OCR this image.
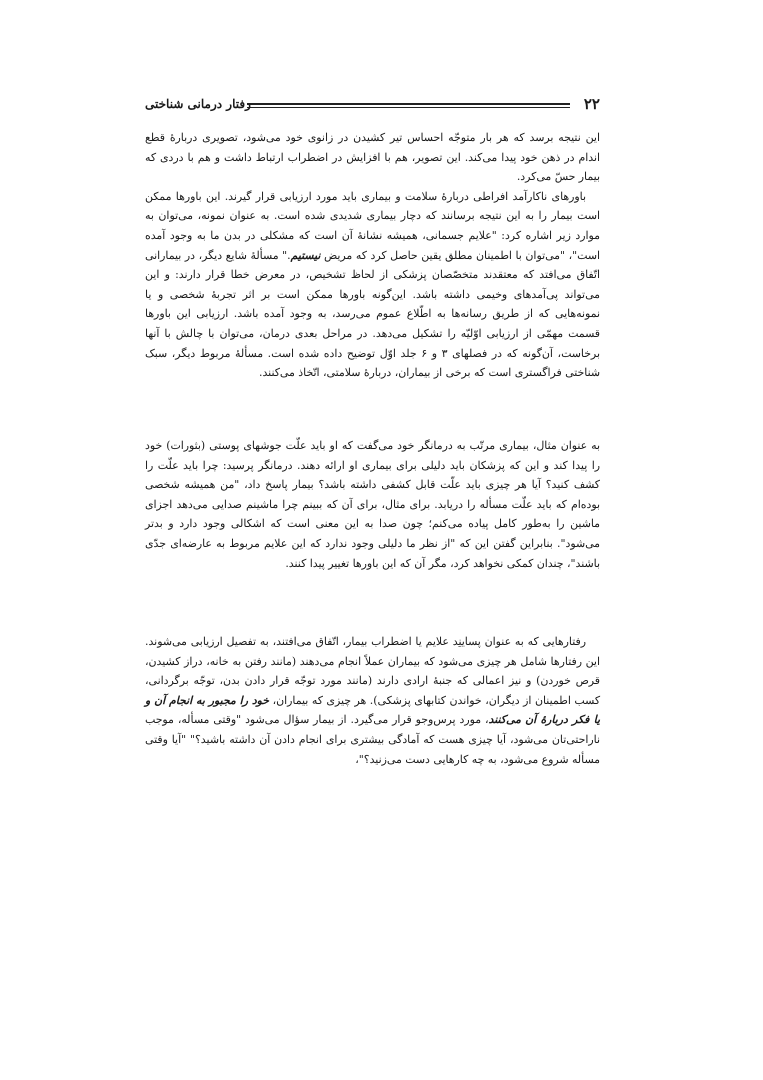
۲۲
رفتار درمانی شناختی

این نتیجه برسد که هر بار متوجّه احساس تیر کشیدن در زانوی خود می‌شود، تصویری دربارهٔ قطع اندام در ذهن خود پیدا می‌کند. این تصویر، هم با افزایش در اضطراب ارتباط داشت و هم با دردی که بیمار حسّ می‌کرد.

باورهای ناکارآمد افراطی دربارهٔ سلامت و بیماری باید مورد ارزیابی قرار گیرند. این باورها ممکن است بیمار را به این نتیجه برسانند که دچار بیماری شدیدی شده است. به عنوان نمونه، می‌توان به موارد زیر اشاره کرد: "علایم جسمانی، همیشه نشانهٔ آن است که مشکلی در بدن ما به وجود آمده است"، "می‌توان با اطمینان مطلق یقین حاصل کرد که مریض نیستیم." مسألهٔ شایع دیگر، در بیمارانی اتّفاق می‌افتد که معتقدند متخصّصان پزشکی از لحاظ تشخیص، در معرض خطا قرار دارند: و این می‌تواند پی‌آمدهای وخیمی داشته باشد. این‌گونه باورها ممکن است بر اثر تجربهٔ شخصی و یا نمونه‌هایی که از طریق رسانه‌ها به اطّلاع عموم می‌رسد، به وجود آمده باشد. ارزیابی این باورها قسمت مهمّی از ارزیابی اوّلیّه را تشکیل می‌دهد. در مراحل بعدی درمان، می‌توان با چالش با آنها برخاست، آن‌گونه که در فصلهای ۳ و ۶ جلد اوّل توضیح داده شده است. مسألهٔ مربوط دیگر، سبک شناختی فراگستری است که برخی از بیماران، دربارهٔ سلامتی، اتّخاذ می‌کنند.

به عنوان مثال، بیماری مرتّب به درمانگر خود می‌گفت که او باید علّت جوشهای پوستی (بثورات) خود را پیدا کند و این که پزشکان باید دلیلی برای بیماری او ارائه دهند. درمانگر پرسید: چرا باید علّت را کشف کنید؟ آیا هر چیزی باید علّت قابل کشفی داشته باشد؟ بیمار پاسخ داد، "من همیشه شخصی بوده‌ام که باید علّت مسأله را دریابد. برای مثال، برای آن که ببینم چرا ماشینم صدایی می‌دهد اجزای ماشین را به‌طور کامل پیاده می‌کنم؛ چون صدا به این معنی است که اشکالی وجود دارد و بدتر می‌شود". بنابراین گفتن این که "از نظر ما دلیلی وجود ندارد که این علایم مربوط به عارضه‌ای جدّی باشند"، چندان کمکی نخواهد کرد، مگر آن که این باورها تغییر پیدا کنند.

رفتارهایی که به عنوان پساینِد علایم یا اضطراب بیمار، اتّفاق می‌افتند، به تفصیل ارزیابی می‌شوند. این رفتارها شامل هر چیزی می‌شود که بیماران عملاً انجام می‌دهند (مانند رفتن به خانه، دراز کشیدن، قرص خوردن) و نیز اعمالی که جنبهٔ ارادی دارند (مانند مورد توجّه قرار دادن بدن، توجّه برگردانی، کسب اطمینان از دیگران، خواندن کتابهای پزشکی). هر چیزی که بیماران، خود را مجبور به انجام آن و یا فکر دربارهٔ آن می‌کنند، مورد پرس‌وجو قرار می‌گیرد. از بیمار سؤال می‌شود "وقتی مسأله، موجب ناراحتی‌تان می‌شود، آیا چیزی هست که آمادگی بیشتری برای انجام دادن آن داشته باشید؟" "آیا وقتی مسأله شروع می‌شود، به چه کارهایی دست می‌زنید؟"،
